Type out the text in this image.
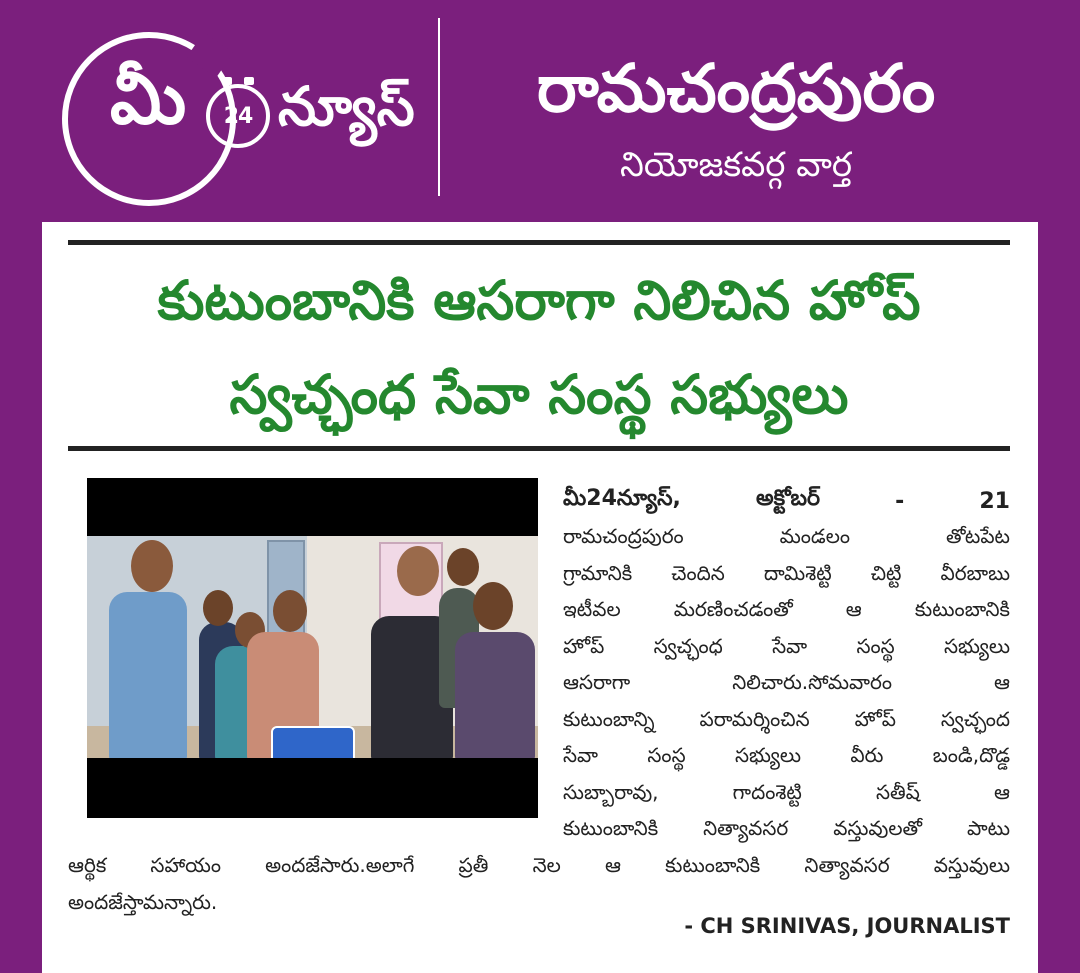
మీ 24 న్యూస్	రామచంద్రపురం
నియోజకవర్గ వార్త
కుటుంబానికి ఆసరాగా నిలిచిన హోప్
స్వచ్ఛంధ సేవా సంస్థ సభ్యులు
మీ24న్యూస్,	అక్టోబర్	-	21
రామచంద్రపురం మండలం తోటపేట
గ్రామానికి చెందిన దామిశెట్టి చిట్టి వీరబాబు
ఇటీవల మరణించడంతో ఆ కుటుంబానికి
హోప్ స్వచ్ఛంధ సేవా సంస్థ సభ్యులు
ఆసరాగా నిలిచారు.సోమవారం ఆ
కుటుంబాన్ని పరామర్శించిన హోప్ స్వచ్ఛంద
సేవా సంస్థ సభ్యులు వీరు బండి,దొడ్డ
సుబ్బారావు, గాదంశెట్టి సతీష్ ఆ
కుటుంబానికి నిత్యావసర వస్తువులతో పాటు
ఆర్థిక సహాయం అందజేసారు.అలాగే ప్రతీ నెల ఆ కుటుంబానికి నిత్యావసర వస్తువులు
అందజేస్తామన్నారు.
- CH SRINIVAS, JOURNALIST
